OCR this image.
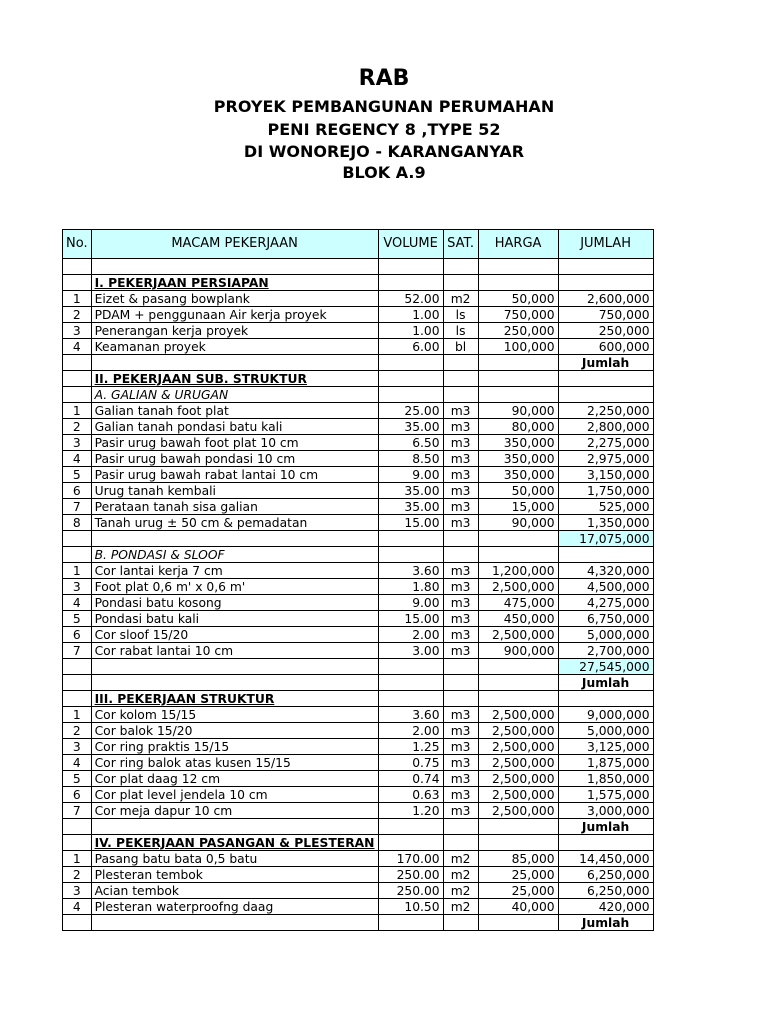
RAB
PROYEK PEMBANGUNAN PERUMAHAN
PENI REGENCY 8 ,TYPE 52
DI WONOREJO - KARANGANYAR
BLOK A.9
No.	MACAM PEKERJAAN	VOLUME	SAT.	HARGA	JUMLAH

	I. PEKERJAAN PERSIAPAN				
1	Eizet & pasang bowplank	52.00	m2	50,000	2,600,000
2	PDAM + penggunaan Air kerja proyek	1.00	ls	750,000	750,000
3	Penerangan kerja proyek	1.00	ls	250,000	250,000
4	Keamanan proyek	6.00	bl	100,000	600,000
					Jumlah
	II. PEKERJAAN SUB. STRUKTUR				
	A. GALIAN & URUGAN				
1	Galian tanah foot plat	25.00	m3	90,000	2,250,000
2	Galian tanah pondasi batu kali	35.00	m3	80,000	2,800,000
3	Pasir urug bawah foot plat 10 cm	6.50	m3	350,000	2,275,000
4	Pasir urug bawah pondasi 10 cm	8.50	m3	350,000	2,975,000
5	Pasir urug bawah rabat lantai 10 cm	9.00	m3	350,000	3,150,000
6	Urug tanah kembali	35.00	m3	50,000	1,750,000
7	Perataan tanah sisa galian	35.00	m3	15,000	525,000
8	Tanah urug ± 50 cm & pemadatan	15.00	m3	90,000	1,350,000
					17,075,000
	B. PONDASI & SLOOF				
1	Cor lantai kerja 7 cm	3.60	m3	1,200,000	4,320,000
3	Foot plat 0,6 m' x 0,6 m'	1.80	m3	2,500,000	4,500,000
4	Pondasi batu kosong	9.00	m3	475,000	4,275,000
5	Pondasi batu kali	15.00	m3	450,000	6,750,000
6	Cor sloof 15/20	2.00	m3	2,500,000	5,000,000
7	Cor rabat lantai 10 cm	3.00	m3	900,000	2,700,000
					27,545,000
					Jumlah
	III. PEKERJAAN STRUKTUR				
1	Cor kolom 15/15	3.60	m3	2,500,000	9,000,000
2	Cor balok 15/20	2.00	m3	2,500,000	5,000,000
3	Cor ring praktis 15/15	1.25	m3	2,500,000	3,125,000
4	Cor ring balok atas kusen 15/15	0.75	m3	2,500,000	1,875,000
5	Cor plat daag 12 cm	0.74	m3	2,500,000	1,850,000
6	Cor plat level jendela 10 cm	0.63	m3	2,500,000	1,575,000
7	Cor meja dapur 10 cm	1.20	m3	2,500,000	3,000,000
					Jumlah
	IV. PEKERJAAN PASANGAN & PLESTERAN				
1	Pasang batu bata 0,5 batu	170.00	m2	85,000	14,450,000
2	Plesteran tembok	250.00	m2	25,000	6,250,000
3	Acian tembok	250.00	m2	25,000	6,250,000
4	Plesteran waterproofng daag	10.50	m2	40,000	420,000
					Jumlah
